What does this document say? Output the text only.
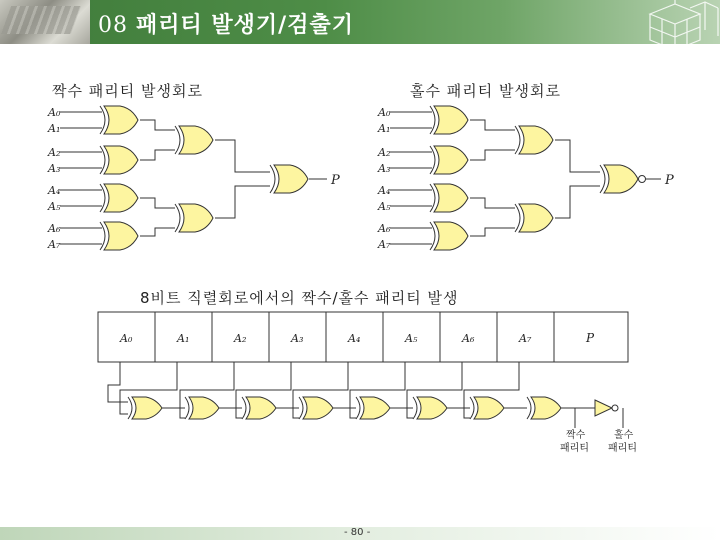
08 패리티 발생기/검출기
짝수 패리티 발생회로	홀수 패리티 발생회로
A₀
A₁
A₂
A₃
A₄
A₅
A₆
A₇
P
A₀
A₁
A₂
A₃
A₄
A₅
A₆
A₇
P
8비트 직렬회로에서의 짝수/홀수 패리티 발생
A₀	A₁	A₂	A₃	A₄	A₅	A₆	A₇	P
짝수
패리티
홀수
패리티
- 80 -
